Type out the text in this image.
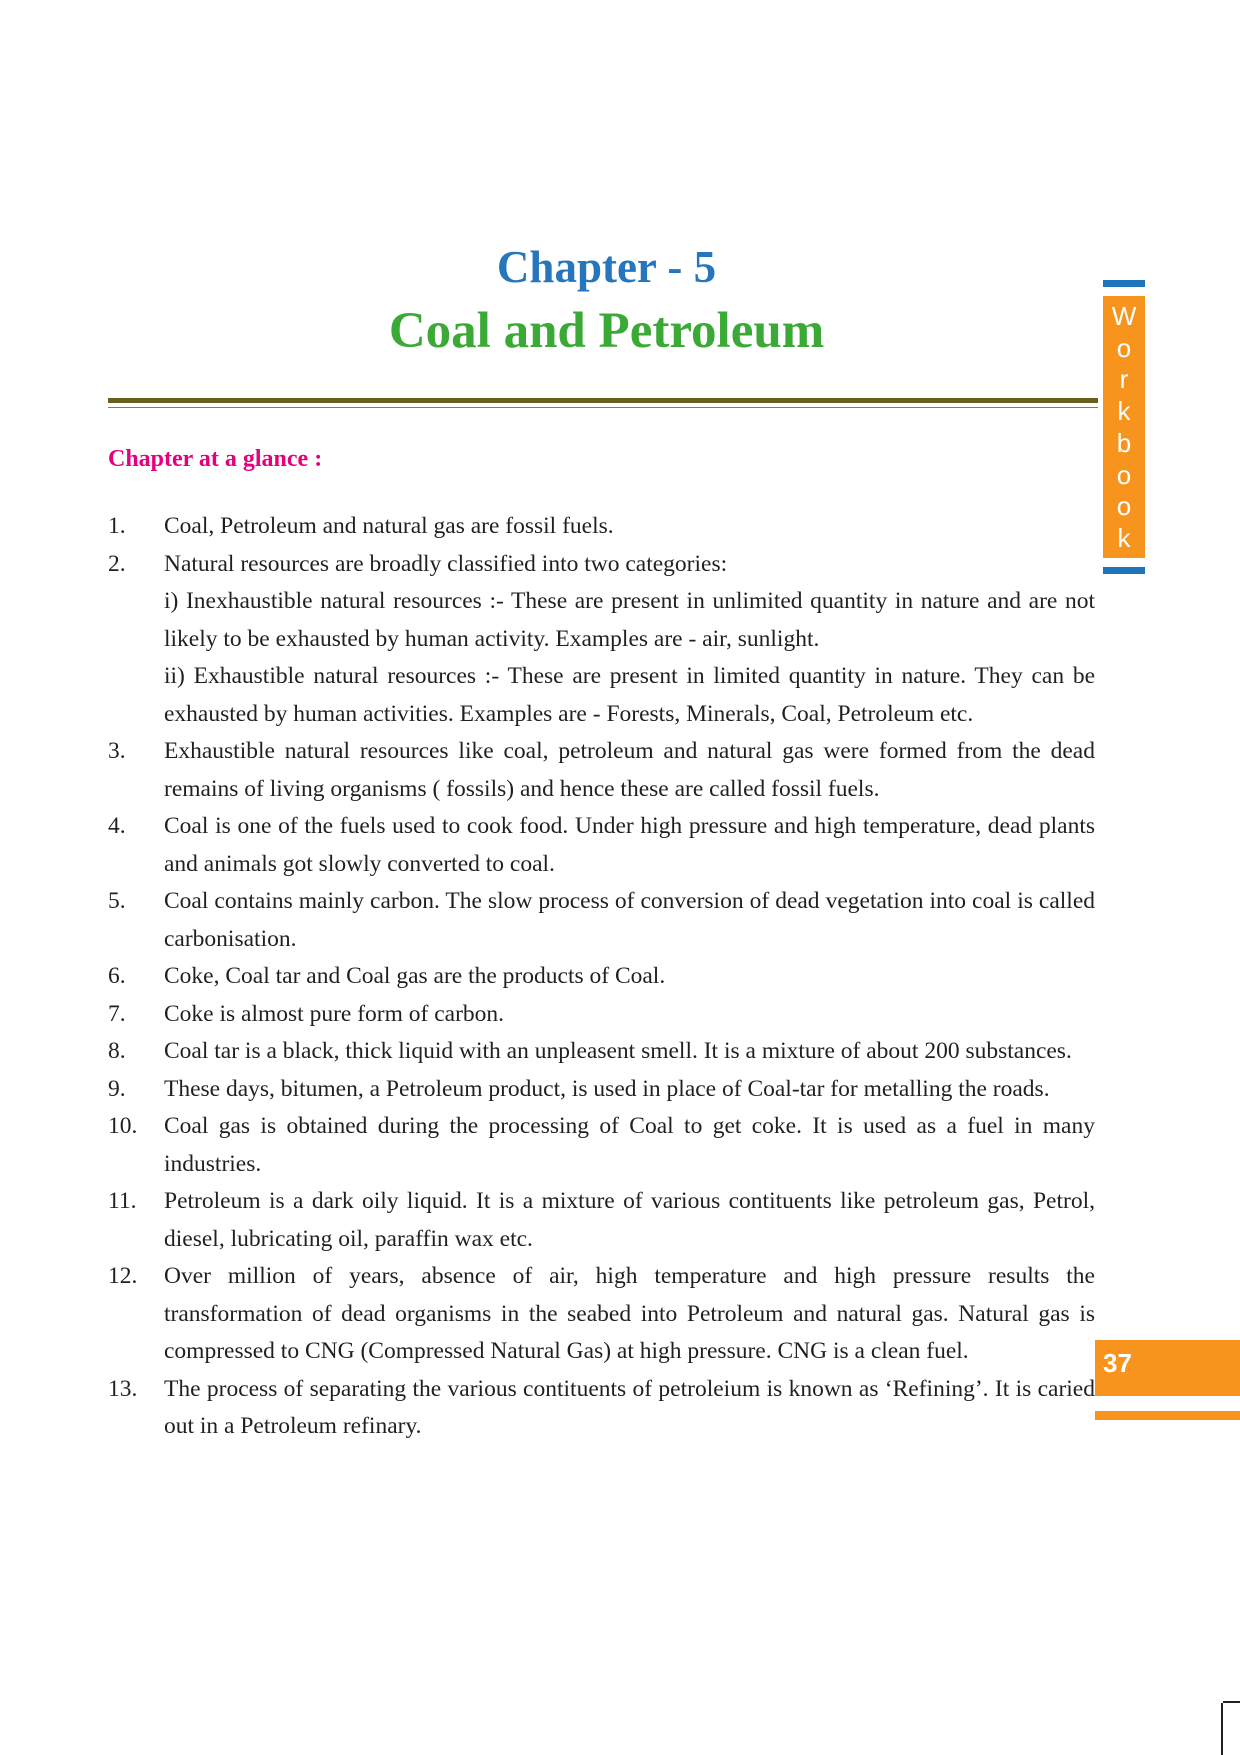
Chapter - 5
Coal and Petroleum	W
o
r
k
b
o
o
k
Chapter at a glance :
1. Coal, Petroleum and natural gas are fossil fuels.
2. Natural resources are broadly classified into two categories:
i) Inexhaustible natural resources :- These are present in unlimited quantity in nature and are not likely to be exhausted by human activity. Examples are - air, sunlight.
ii) Exhaustible natural resources :- These are present in limited quantity in nature. They can be exhausted by human activities. Examples are - Forests, Minerals, Coal, Petroleum etc.
3. Exhaustible natural resources like coal, petroleum and natural gas were formed from the dead remains of living organisms ( fossils) and hence these are called fossil fuels.
4. Coal is one of the fuels used to cook food. Under high pressure and high temperature, dead plants and animals got slowly converted to coal.
5. Coal contains mainly carbon. The slow process of conversion of dead vegetation into coal is called carbonisation.
6. Coke, Coal tar and Coal gas are the products of Coal.
7. Coke is almost pure form of carbon.
8. Coal tar is a black, thick liquid with an unpleasent smell. It is a mixture of about 200 substances.
9. These days, bitumen, a Petroleum product, is used in place of Coal-tar for metalling the roads.
10. Coal gas is obtained during the processing of Coal to get coke. It is used as a fuel in many industries.
11. Petroleum is a dark oily liquid. It is a mixture of various contituents like petroleum gas, Petrol, diesel, lubricating oil, paraffin wax etc.
12. Over million of years, absence of air, high temperature and high pressure results the transformation of dead organisms in the seabed into Petroleum and natural gas. Natural gas is compressed to CNG (Compressed Natural Gas) at high pressure. CNG is a clean fuel.
13. The process of separating the various contituents of petroleium is known as ‘Refining’. It is caried out in a Petroleum refinary.
37
